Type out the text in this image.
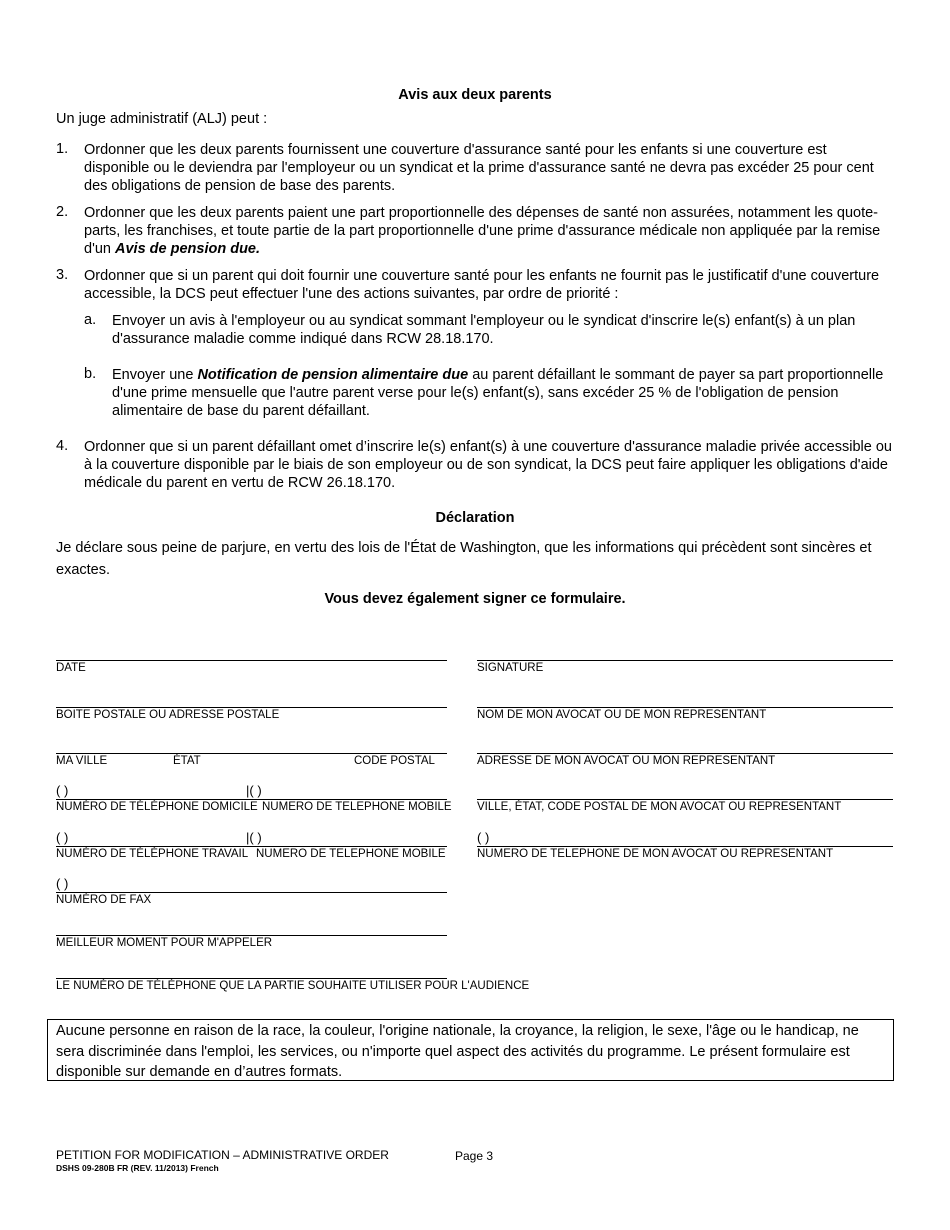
Avis aux deux parents
Un juge administratif (ALJ) peut :
1.	Ordonner que les deux parents fournissent une couverture d'assurance santé pour les enfants si une couverture est disponible ou le deviendra par l'employeur ou un syndicat et la prime d'assurance santé ne devra pas excéder 25 pour cent des obligations de pension de base des parents.
2.	Ordonner que les deux parents paient une part proportionnelle des dépenses de santé non assurées, notamment les quote-parts, les franchises, et toute partie de la part proportionnelle d'une prime d'assurance médicale non appliquée par la remise d'un Avis de pension due.
3.	Ordonner que si un parent qui doit fournir une couverture santé pour les enfants ne fournit pas le justificatif d'une couverture accessible, la DCS peut effectuer l'une des actions suivantes, par ordre de priorité :
a.	Envoyer un avis à l'employeur ou au syndicat sommant l'employeur ou le syndicat d'inscrire le(s) enfant(s) à un plan d'assurance maladie comme indiqué dans RCW 28.18.170.
b.	Envoyer une Notification de pension alimentaire due au parent défaillant le sommant de payer sa part proportionnelle d'une prime mensuelle que l'autre parent verse pour le(s) enfant(s), sans excéder 25 % de l'obligation de pension alimentaire de base du parent défaillant.
4.	Ordonner que si un parent défaillant omet d’inscrire le(s) enfant(s) à une couverture d'assurance maladie privée accessible ou à la couverture disponible par le biais de son employeur ou de son syndicat, la DCS peut faire appliquer les obligations d'aide médicale du parent en vertu de RCW 26.18.170.
Déclaration
Je déclare sous peine de parjure, en vertu des lois de l'État de Washington, que les informations qui précèdent sont sincères et exactes.
Vous devez également signer ce formulaire.
DATE
BOITE POSTALE OU ADRESSE POSTALE
MA VILLE	ÉTAT	CODE POSTAL
( )	|( )
NUMÉRO DE TÉLÉPHONE DOMICILE NUMERO DE TELEPHONE MOBILE
( )	|( )
NUMÉRO DE TÉLÉPHONE TRAVAIL NUMERO DE TELEPHONE MOBILE
( )
NUMÉRO DE FAX
MEILLEUR MOMENT POUR M'APPELER
LE NUMÉRO DE TÉLÉPHONE QUE LA PARTIE SOUHAITE UTILISER POUR L'AUDIENCE
SIGNATURE
NOM DE MON AVOCAT OU DE MON REPRESENTANT
ADRESSE DE MON AVOCAT OU MON REPRESENTANT
VILLE, ÉTAT, CODE POSTAL DE MON AVOCAT OU REPRESENTANT
( )
NUMERO DE TELEPHONE DE MON AVOCAT OU REPRESENTANT
Aucune personne en raison de la race, la couleur, l'origine nationale, la croyance, la religion, le sexe, l'âge ou le handicap, ne sera discriminée dans l'emploi, les services, ou n'importe quel aspect des activités du programme. Le présent formulaire est disponible sur demande en d’autres formats.
PETITION FOR MODIFICATION – ADMINISTRATIVE ORDER	Page 3
DSHS 09-280B FR (REV. 11/2013) French
